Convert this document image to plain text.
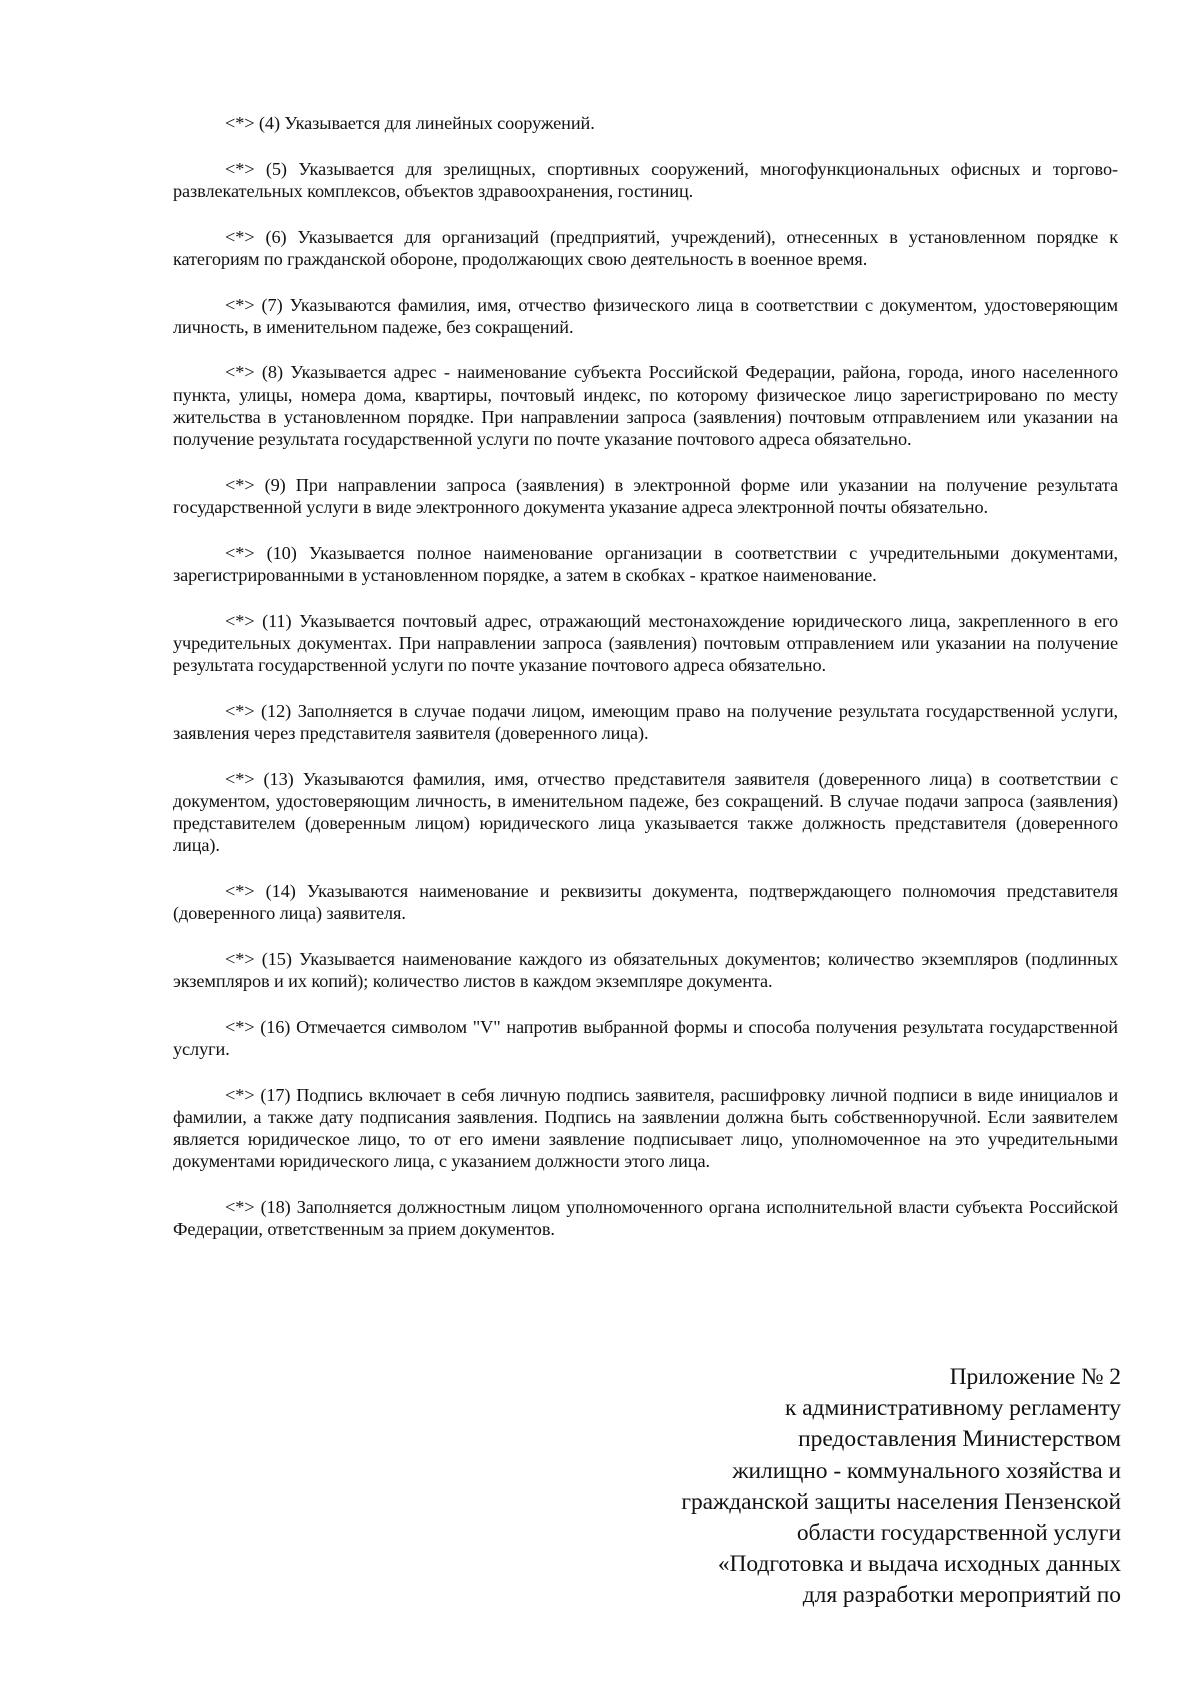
<*> (4) Указывается для линейных сооружений.

<*> (5) Указывается для зрелищных, спортивных сооружений, многофункциональных офисных и торгово-развлекательных комплексов, объектов здравоохранения, гостиниц.

<*> (6) Указывается для организаций (предприятий, учреждений), отнесенных в установленном порядке к категориям по гражданской обороне, продолжающих свою деятельность в военное время.

<*> (7) Указываются фамилия, имя, отчество физического лица в соответствии с документом, удостоверяющим личность, в именительном падеже, без сокращений.

<*> (8) Указывается адрес - наименование субъекта Российской Федерации, района, города, иного населенного пункта, улицы, номера дома, квартиры, почтовый индекс, по которому физическое лицо зарегистрировано по месту жительства в установленном порядке. При направлении запроса (заявления) почтовым отправлением или указании на получение результата государственной услуги по почте указание почтового адреса обязательно.

<*> (9) При направлении запроса (заявления) в электронной форме или указании на получение результата государственной услуги в виде электронного документа указание адреса электронной почты обязательно.

<*> (10) Указывается полное наименование организации в соответствии с учредительными документами, зарегистрированными в установленном порядке, а затем в скобках - краткое наименование.

<*> (11) Указывается почтовый адрес, отражающий местонахождение юридического лица, закрепленного в его учредительных документах. При направлении запроса (заявления) почтовым отправлением или указании на получение результата государственной услуги по почте указание почтового адреса обязательно.

<*> (12) Заполняется в случае подачи лицом, имеющим право на получение результата государственной услуги, заявления через представителя заявителя (доверенного лица).

<*> (13) Указываются фамилия, имя, отчество представителя заявителя (доверенного лица) в соответствии с документом, удостоверяющим личность, в именительном падеже, без сокращений. В случае подачи запроса (заявления) представителем (доверенным лицом) юридического лица указывается также должность представителя (доверенного лица).

<*> (14) Указываются наименование и реквизиты документа, подтверждающего полномочия представителя (доверенного лица) заявителя.

<*> (15) Указывается наименование каждого из обязательных документов; количество экземпляров (подлинных экземпляров и их копий); количество листов в каждом экземпляре документа.

<*> (16) Отмечается символом "V" напротив выбранной формы и способа получения результата государственной услуги.

<*> (17) Подпись включает в себя личную подпись заявителя, расшифровку личной подписи в виде инициалов и фамилии, а также дату подписания заявления. Подпись на заявлении должна быть собственноручной. Если заявителем является юридическое лицо, то от его имени заявление подписывает лицо, уполномоченное на это учредительными документами юридического лица, с указанием должности этого лица.

<*> (18) Заполняется должностным лицом уполномоченного органа исполнительной власти субъекта Российской Федерации, ответственным за прием документов.

Приложение № 2
к административному регламенту
предоставления Министерством
жилищно - коммунального хозяйства и
гражданской защиты населения Пензенской
области государственной услуги
«Подготовка и выдача исходных данных
для разработки мероприятий по
